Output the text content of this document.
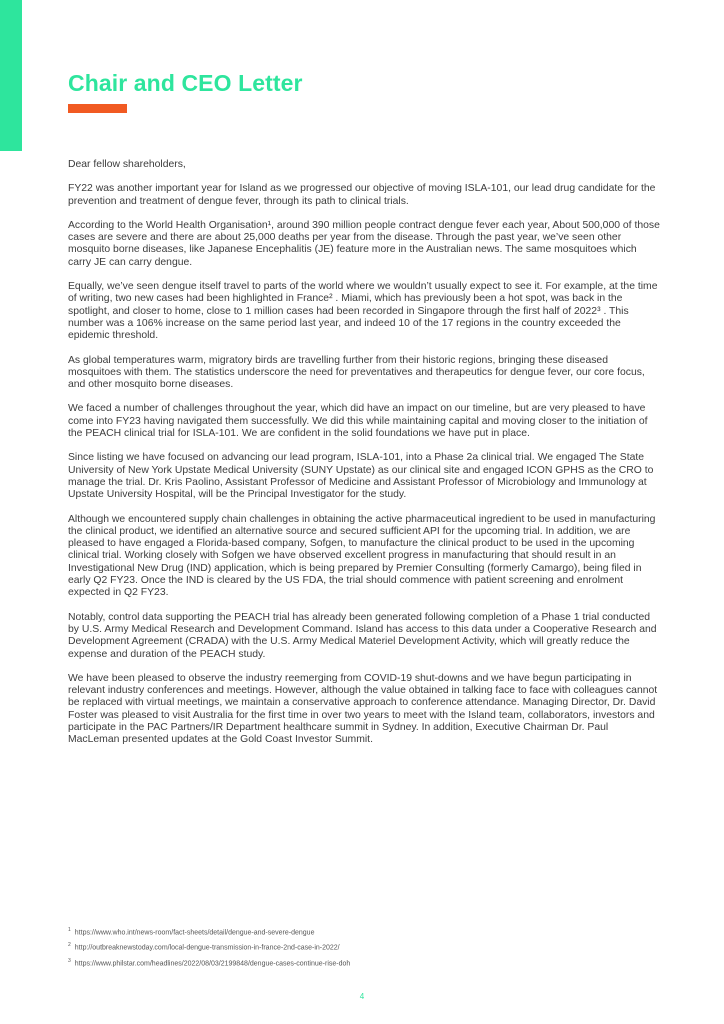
Chair and CEO Letter

Dear fellow shareholders,

FY22 was another important year for Island as we progressed our objective of moving ISLA-101, our lead drug candidate for the prevention and treatment of dengue fever, through its path to clinical trials.

According to the World Health Organisation¹, around 390 million people contract dengue fever each year, About 500,000 of those cases are severe and there are about 25,000 deaths per year from the disease. Through the past year, we’ve seen other mosquito borne diseases, like Japanese Encephalitis (JE) feature more in the Australian news. The same mosquitoes which carry JE can carry dengue.

Equally, we’ve seen dengue itself travel to parts of the world where we wouldn’t usually expect to see it. For example, at the time of writing, two new cases had been highlighted in France² . Miami, which has previously been a hot spot, was back in the spotlight, and closer to home, close to 1 million cases had been recorded in Singapore through the first half of 2022³ . This number was a 106% increase on the same period last year, and indeed 10 of the 17 regions in the country exceeded the epidemic threshold.

As global temperatures warm, migratory birds are travelling further from their historic regions, bringing these diseased mosquitoes with them. The statistics underscore the need for preventatives and therapeutics for dengue fever, our core focus, and other mosquito borne diseases.

We faced a number of challenges throughout the year, which did have an impact on our timeline, but are very pleased to have come into FY23 having navigated them successfully. We did this while maintaining capital and moving closer to the initiation of the PEACH clinical trial for ISLA-101. We are confident in the solid foundations we have put in place.

Since listing we have focused on advancing our lead program, ISLA-101, into a Phase 2a clinical trial. We engaged The State University of New York Upstate Medical University (SUNY Upstate) as our clinical site and engaged ICON GPHS as the CRO to manage the trial. Dr. Kris Paolino, Assistant Professor of Medicine and Assistant Professor of Microbiology and Immunology at Upstate University Hospital, will be the Principal Investigator for the study.

Although we encountered supply chain challenges in obtaining the active pharmaceutical ingredient to be used in manufacturing the clinical product, we identified an alternative source and secured sufficient API for the upcoming trial. In addition, we are pleased to have engaged a Florida-based company, Sofgen, to manufacture the clinical product to be used in the upcoming clinical trial. Working closely with Sofgen we have observed excellent progress in manufacturing that should result in an Investigational New Drug (IND) application, which is being prepared by Premier Consulting (formerly Camargo), being filed in early Q2 FY23. Once the IND is cleared by the US FDA, the trial should commence with patient screening and enrolment expected in Q2 FY23.

Notably, control data supporting the PEACH trial has already been generated following completion of a Phase 1 trial conducted by U.S. Army Medical Research and Development Command. Island has access to this data under a Cooperative Research and Development Agreement (CRADA) with the U.S. Army Medical Materiel Development Activity, which will greatly reduce the expense and duration of the PEACH study.

We have been pleased to observe the industry reemerging from COVID-19 shut-downs and we have begun participating in relevant industry conferences and meetings. However, although the value obtained in talking face to face with colleagues cannot be replaced with virtual meetings, we maintain a conservative approach to conference attendance. Managing Director, Dr. David Foster was pleased to visit Australia for the first time in over two years to meet with the Island team, collaborators, investors and participate in the PAC Partners/IR Department healthcare summit in Sydney. In addition, Executive Chairman Dr. Paul MacLeman presented updates at the Gold Coast Investor Summit.

$^1$ https://www.who.int/news-room/fact-sheets/detail/dengue-and-severe-dengue
$^2$ http://outbreaknewstoday.com/local-dengue-transmission-in-france-2nd-case-in-2022/
$^3$ https://www.philstar.com/headlines/2022/08/03/2199848/dengue-cases-continue-rise-doh
4
